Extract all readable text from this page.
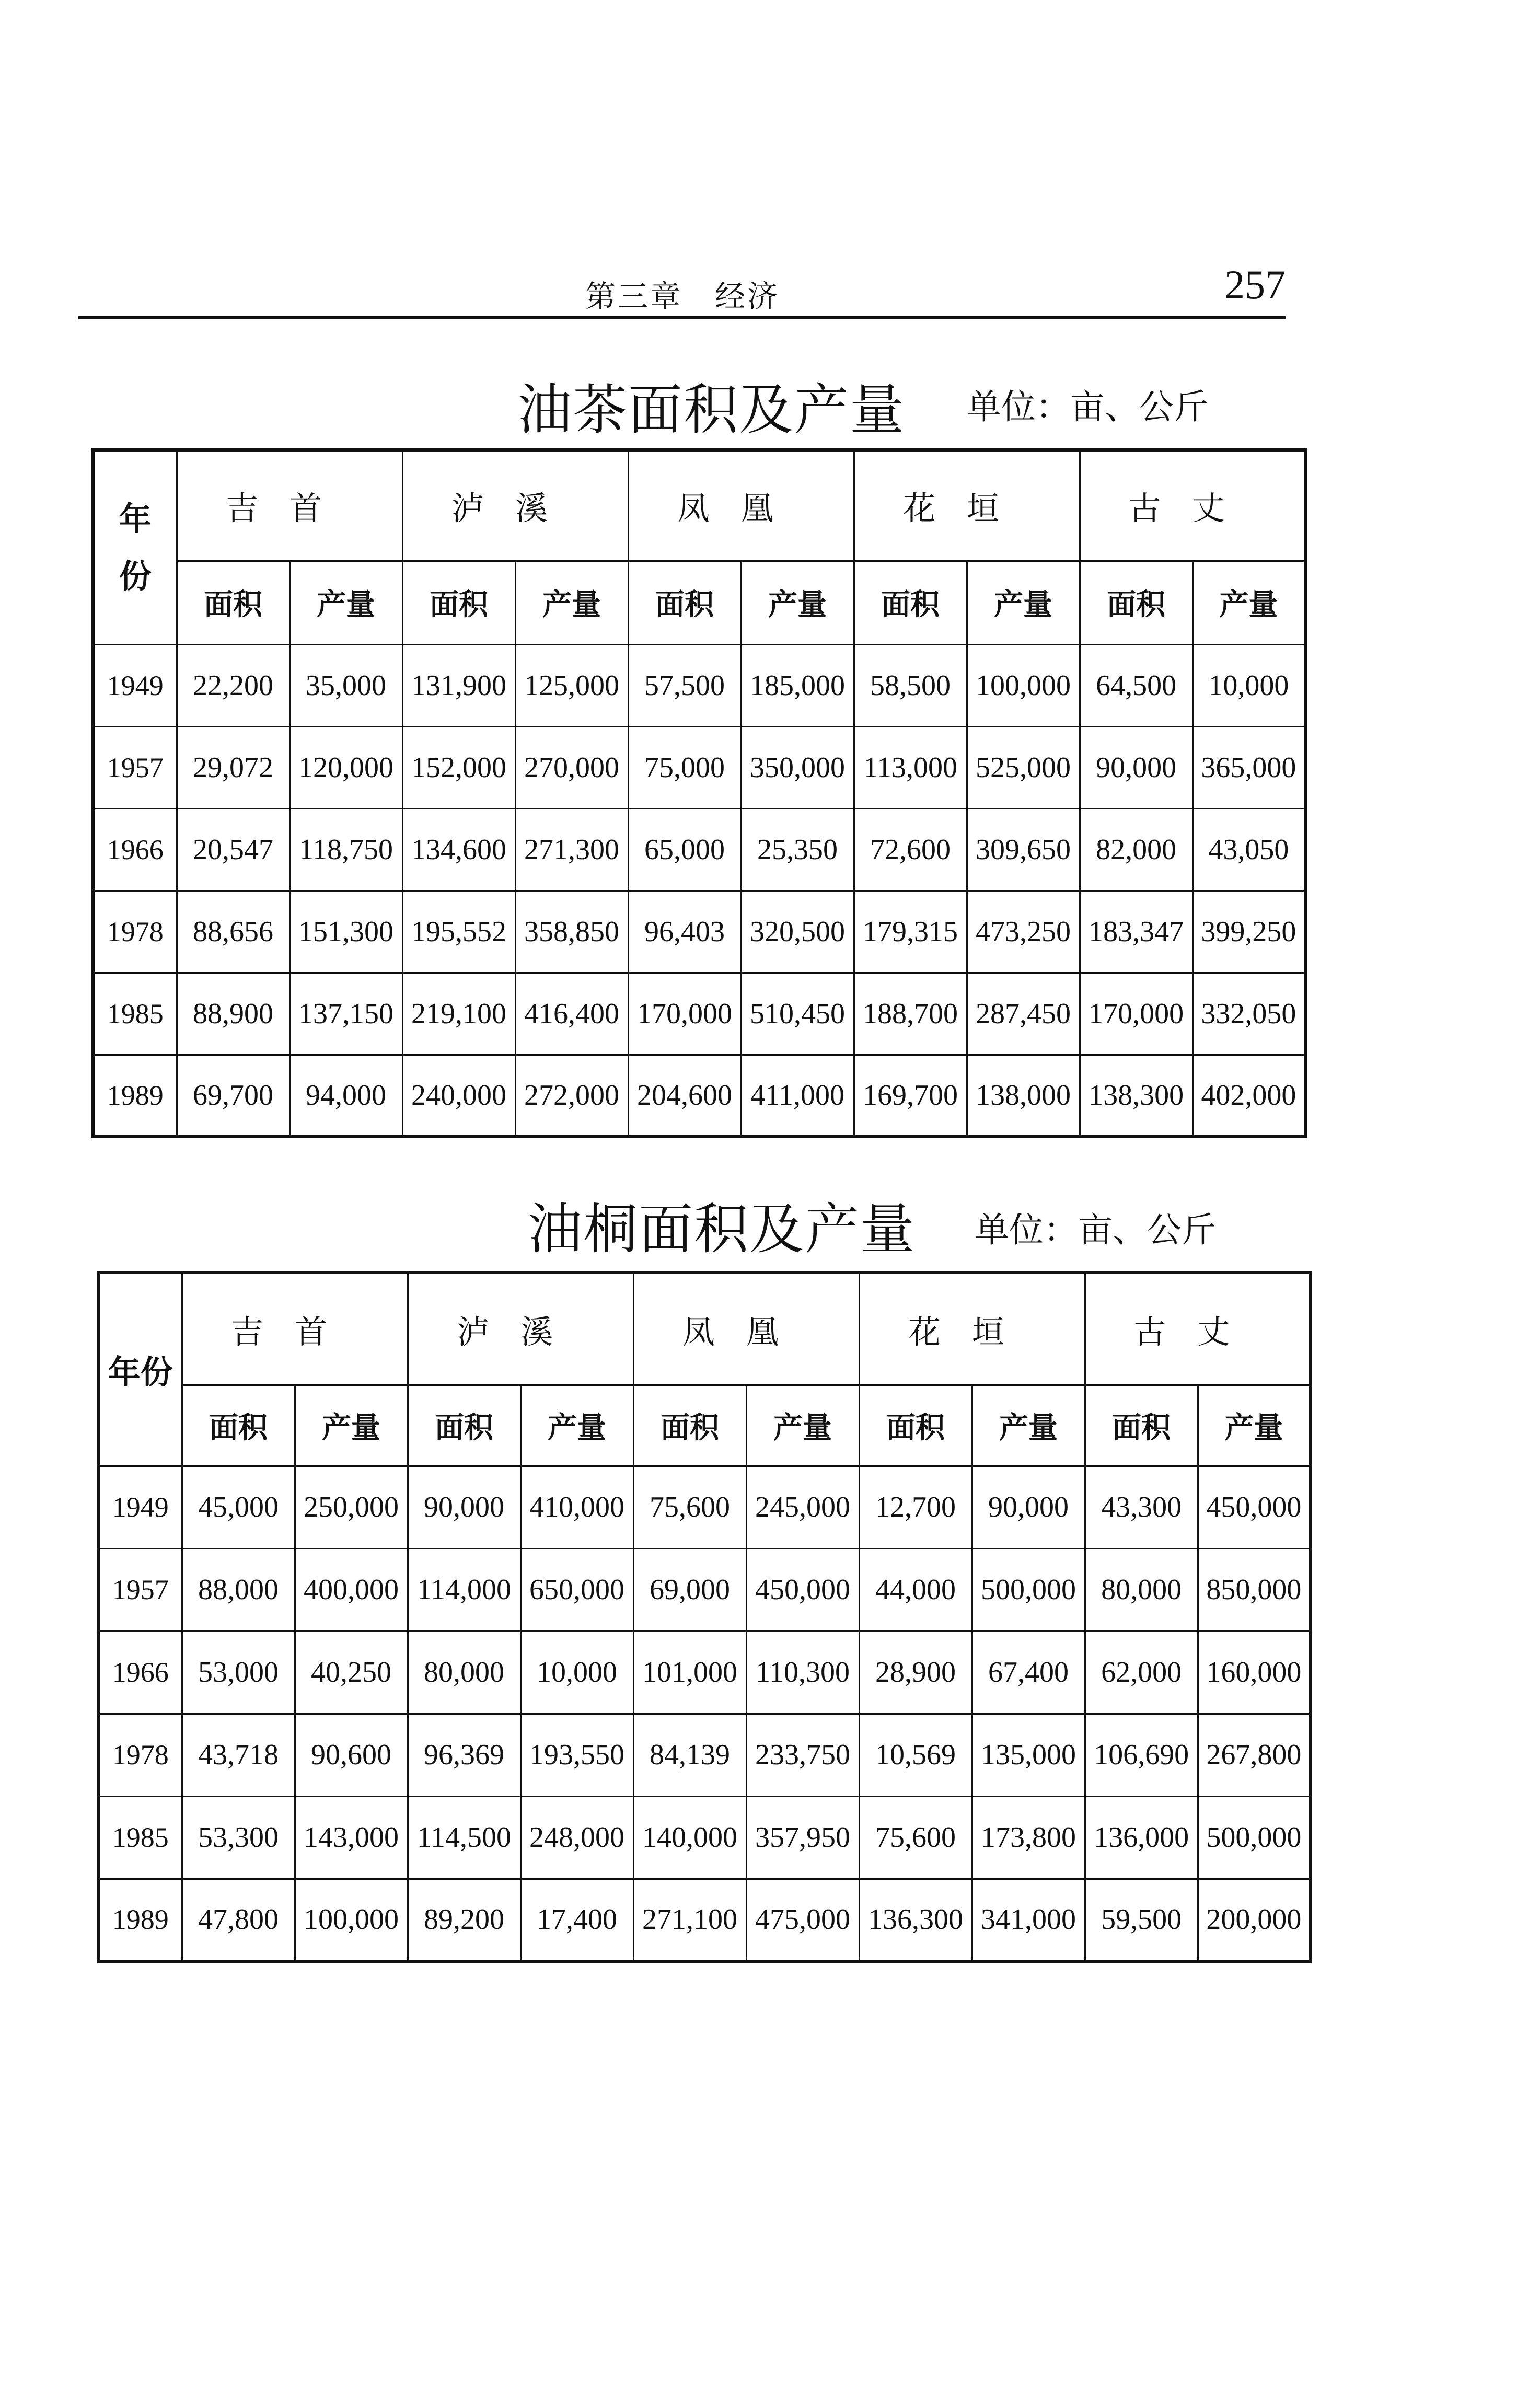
第三章　经济	257
油茶面积及产量 单位：亩、公斤
年
份	吉首		泸溪		凤凰		花垣		古丈	
	面积	产量	面积	产量	面积	产量	面积	产量	面积	产量
1949	22,200	35,000	131,900	125,000	57,500	185,000	58,500	100,000	64,500	10,000
1957	29,072	120,000	152,000	270,000	75,000	350,000	113,000	525,000	90,000	365,000
1966	20,547	118,750	134,600	271,300	65,000	25,350	72,600	309,650	82,000	43,050
1978	88,656	151,300	195,552	358,850	96,403	320,500	179,315	473,250	183,347	399,250
1985	88,900	137,150	219,100	416,400	170,000	510,450	188,700	287,450	170,000	332,050
1989	69,700	94,000	240,000	272,000	204,600	411,000	169,700	138,000	138,300	402,000
油桐面积及产量 单位：亩、公斤
年份	吉首		泸溪		凤凰		花垣		古丈	
	面积	产量	面积	产量	面积	产量	面积	产量	面积	产量
1949	45,000	250,000	90,000	410,000	75,600	245,000	12,700	90,000	43,300	450,000
1957	88,000	400,000	114,000	650,000	69,000	450,000	44,000	500,000	80,000	850,000
1966	53,000	40,250	80,000	10,000	101,000	110,300	28,900	67,400	62,000	160,000
1978	43,718	90,600	96,369	193,550	84,139	233,750	10,569	135,000	106,690	267,800
1985	53,300	143,000	114,500	248,000	140,000	357,950	75,600	173,800	136,000	500,000
1989	47,800	100,000	89,200	17,400	271,100	475,000	136,300	341,000	59,500	200,000
